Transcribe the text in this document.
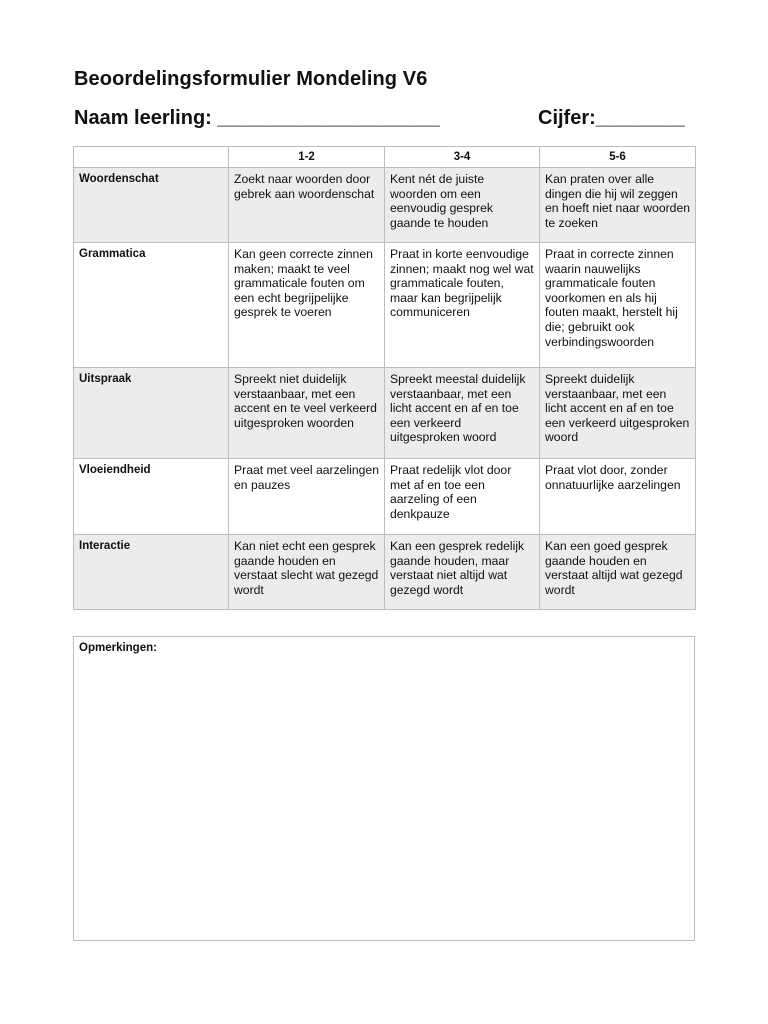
Beoordelingsformulier Mondeling V6
Naam leerling: ____________________	Cijfer:________
	1-2	3-4	5-6
Woordenschat	Zoekt naar woorden door gebrek aan woordenschat	Kent nét de juiste woorden om een eenvoudig gesprek gaande te houden	Kan praten over alle dingen die hij wil zeggen en hoeft niet naar woorden te zoeken
Grammatica	Kan geen correcte zinnen maken; maakt te veel grammaticale fouten om een echt begrijpelijke gesprek te voeren	Praat in korte eenvoudige zinnen; maakt nog wel wat grammaticale fouten, maar kan begrijpelijk communiceren	Praat in correcte zinnen waarin nauwelijks grammaticale fouten voorkomen en als hij fouten maakt, herstelt hij die; gebruikt ook verbindingswoorden
Uitspraak	Spreekt niet duidelijk verstaanbaar, met een accent en te veel verkeerd uitgesproken woorden	Spreekt meestal duidelijk verstaanbaar, met een licht accent en af en toe een verkeerd uitgesproken woord	Spreekt duidelijk verstaanbaar, met een licht accent en af en toe een verkeerd uitgesproken woord
Vloeiendheid	Praat met veel aarzelingen en pauzes	Praat redelijk vlot door met af en toe een aarzeling of een denkpauze	Praat vlot door, zonder onnatuurlijke aarzelingen
Interactie	Kan niet echt een gesprek gaande houden en verstaat slecht wat gezegd wordt	Kan een gesprek redelijk gaande houden, maar verstaat niet altijd wat gezegd wordt	Kan een goed gesprek gaande houden en verstaat altijd wat gezegd wordt
Opmerkingen:
